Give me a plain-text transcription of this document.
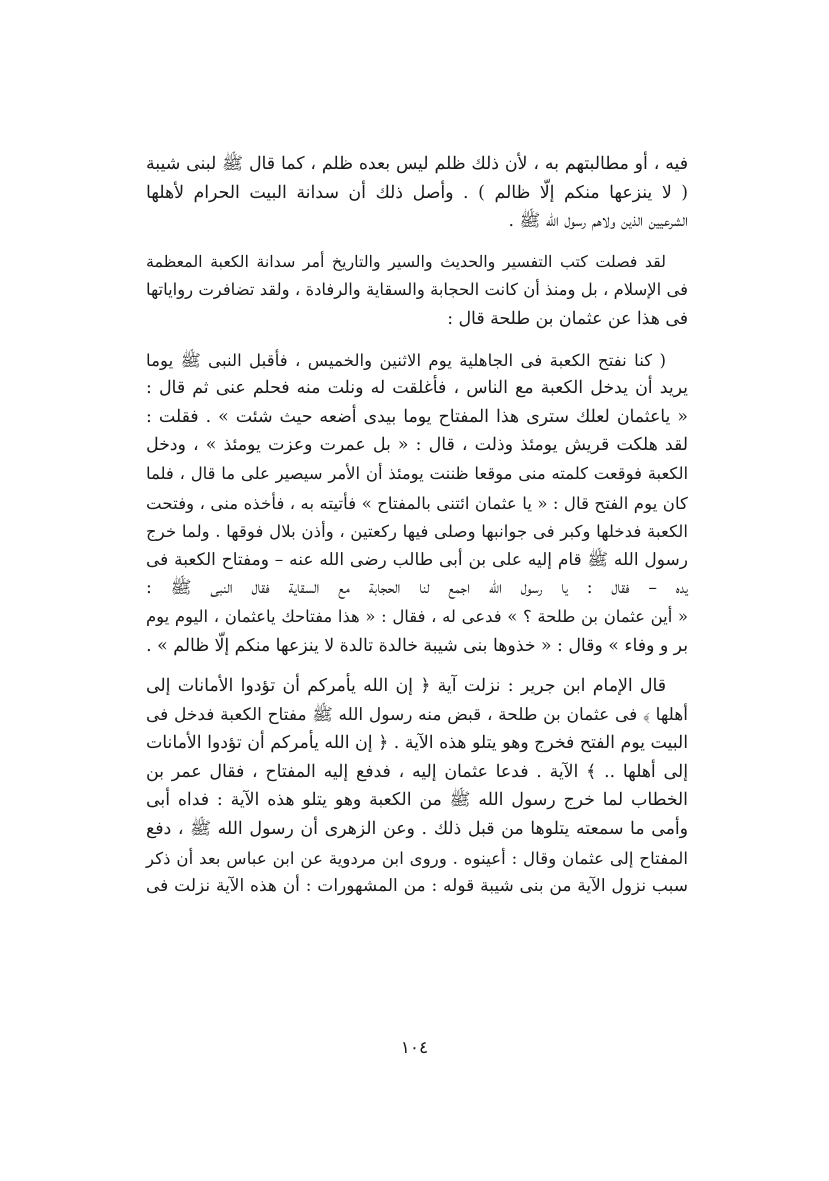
فيه ، أو مطالبتهم به ، لأن ذلك ظلم ليس بعده ظلم ، كما قال ﷺ لبنى شيبة
( لا ينزعها منكم إلّا ظالم ) . وأصل ذلك أن سدانة البيت الحرام لأهلها
الشرعيين الذين ولاهم رسول الله ﷺ .
لقد فصلت كتب التفسير والحديث والسير والتاريخ أمر سدانة الكعبة المعظمة
فى الإسلام ، بل ومنذ أن كانت الحجابة والسقاية والرفادة ، ولقد تضافرت رواياتها
فى هذا عن عثمان بن طلحة قال :
( كنا نفتح الكعبة فى الجاهلية يوم الاثنين والخميس ، فأقبل النبى ﷺ يوما
يريد أن يدخل الكعبة مع الناس ، فأغلقت له ونلت منه فحلم عنى ثم قال :
« ياعثمان لعلك سترى هذا المفتاح يوما بيدى أضعه حيث شئت » . فقلت :
لقد هلكت قريش يومئذ وذلت ، قال : « بل عمرت وعزت يومئذ » ، ودخل
الكعبة فوقعت كلمته منى موقعا ظننت يومئذ أن الأمر سيصير على ما قال ، فلما
كان يوم الفتح قال : « يا عثمان ائتنى بالمفتاح » فأتيته به ، فأخذه منى ، وفتحت
الكعبة فدخلها وكبر فى جوانبها وصلى فيها ركعتين ، وأذن بلال فوقها . ولما خرج
رسول الله ﷺ قام إليه على بن أبى طالب رضى الله عنه – ومفتاح الكعبة فى
يده – فقال : يا رسول الله اجمع لنا الحجابة مع السقاية فقال النبى ﷺ :
« أين عثمان بن طلحة ؟ » فدعى له ، فقال : « هذا مفتاحك ياعثمان ، اليوم يوم
بر و وفاء » وقال : « خذوها بنى شيبة خالدة تالدة لا ينزعها منكم إلّا ظالم » .
قال الإمام ابن جرير : نزلت آية ﴿ إن الله يأمركم أن تؤدوا الأمانات إلى
أهلها ﴾ فى عثمان بن طلحة ، قبض منه رسول الله ﷺ مفتاح الكعبة فدخل فى
البيت يوم الفتح فخرج وهو يتلو هذه الآية . ﴿ إن الله يأمركم أن تؤدوا الأمانات
إلى أهلها .. ﴾ الآية . فدعا عثمان إليه ، فدفع إليه المفتاح ، فقال عمر بن
الخطاب لما خرج رسول الله ﷺ من الكعبة وهو يتلو هذه الآية : فداه أبى
وأمى ما سمعته يتلوها من قبل ذلك . وعن الزهرى أن رسول الله ﷺ ، دفع
المفتاح إلى عثمان وقال : أعينوه . وروى ابن مردوية عن ابن عباس بعد أن ذكر
سبب نزول الآية من بنى شيبة قوله : من المشهورات : أن هذه الآية نزلت فى
١٠٤
